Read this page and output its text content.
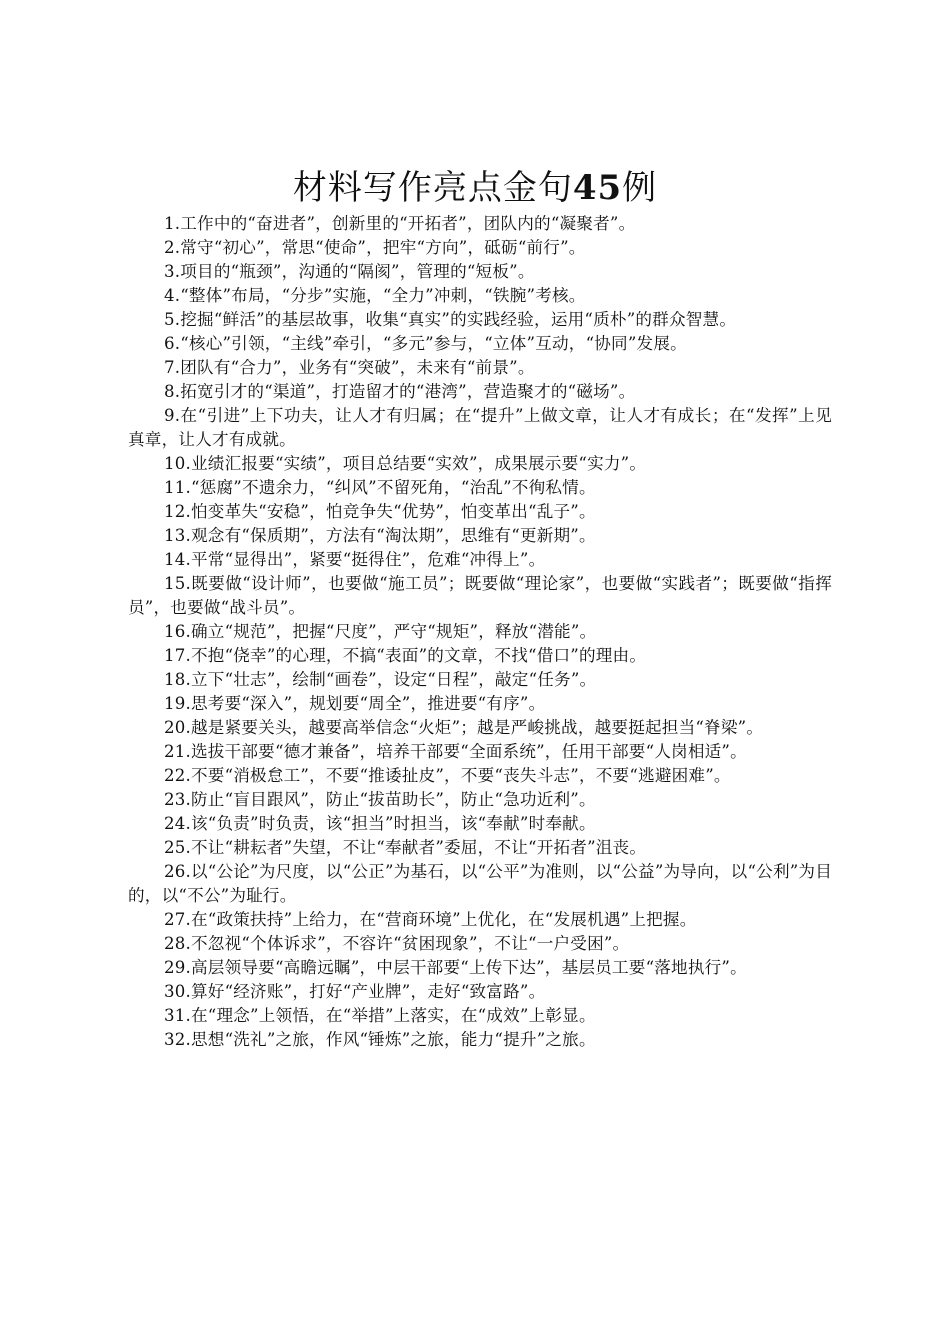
材料写作亮点金句45例

1.工作中的“奋进者”，创新里的“开拓者”，团队内的“凝聚者”。

2.常守“初心”，常思“使命”，把牢“方向”，砥砺“前行”。

3.项目的“瓶颈”，沟通的“隔阂”，管理的“短板”。

4.“整体”布局，“分步”实施，“全力”冲刺，“铁腕”考核。

5.挖掘“鲜活”的基层故事，收集“真实”的实践经验，运用“质朴”的群众智慧。

6.“核心”引领，“主线”牵引，“多元”参与，“立体”互动，“协同”发展。

7.团队有“合力”，业务有“突破”，未来有“前景”。

8.拓宽引才的“渠道”，打造留才的“港湾”，营造聚才的“磁场”。

9.在“引进”上下功夫，让人才有归属；在“提升”上做文章，让人才有成长；在“发挥”上见真章，让人才有成就。

10.业绩汇报要“实绩”，项目总结要“实效”，成果展示要“实力”。

11.“惩腐”不遗余力，“纠风”不留死角，“治乱”不徇私情。

12.怕变革失“安稳”，怕竞争失“优势”，怕变革出“乱子”。

13.观念有“保质期”，方法有“淘汰期”，思维有“更新期”。

14.平常“显得出”，紧要“挺得住”，危难“冲得上”。

15.既要做“设计师”，也要做“施工员”；既要做“理论家”，也要做“实践者”；既要做“指挥员”，也要做“战斗员”。

16.确立“规范”，把握“尺度”，严守“规矩”，释放“潜能”。

17.不抱“侥幸”的心理，不搞“表面”的文章，不找“借口”的理由。

18.立下“壮志”，绘制“画卷”，设定“日程”，敲定“任务”。

19.思考要“深入”，规划要“周全”，推进要“有序”。

20.越是紧要关头，越要高举信念“火炬”；越是严峻挑战，越要挺起担当“脊梁”。

21.选拔干部要“德才兼备”，培养干部要“全面系统”，任用干部要“人岗相适”。

22.不要“消极怠工”，不要“推诿扯皮”，不要“丧失斗志”，不要“逃避困难”。

23.防止“盲目跟风”，防止“拔苗助长”，防止“急功近利”。

24.该“负责”时负责，该“担当”时担当，该“奉献”时奉献。

25.不让“耕耘者”失望，不让“奉献者”委屈，不让“开拓者”沮丧。

26.以“公论”为尺度，以“公正”为基石，以“公平”为准则，以“公益”为导向，以“公利”为目的，以“不公”为耻行。

27.在“政策扶持”上给力，在“营商环境”上优化，在“发展机遇”上把握。

28.不忽视“个体诉求”，不容许“贫困现象”，不让“一户受困”。

29.高层领导要“高瞻远瞩”，中层干部要“上传下达”，基层员工要“落地执行”。

30.算好“经济账”，打好“产业牌”，走好“致富路”。

31.在“理念”上领悟，在“举措”上落实，在“成效”上彰显。

32.思想“洗礼”之旅，作风“锤炼”之旅，能力“提升”之旅。
